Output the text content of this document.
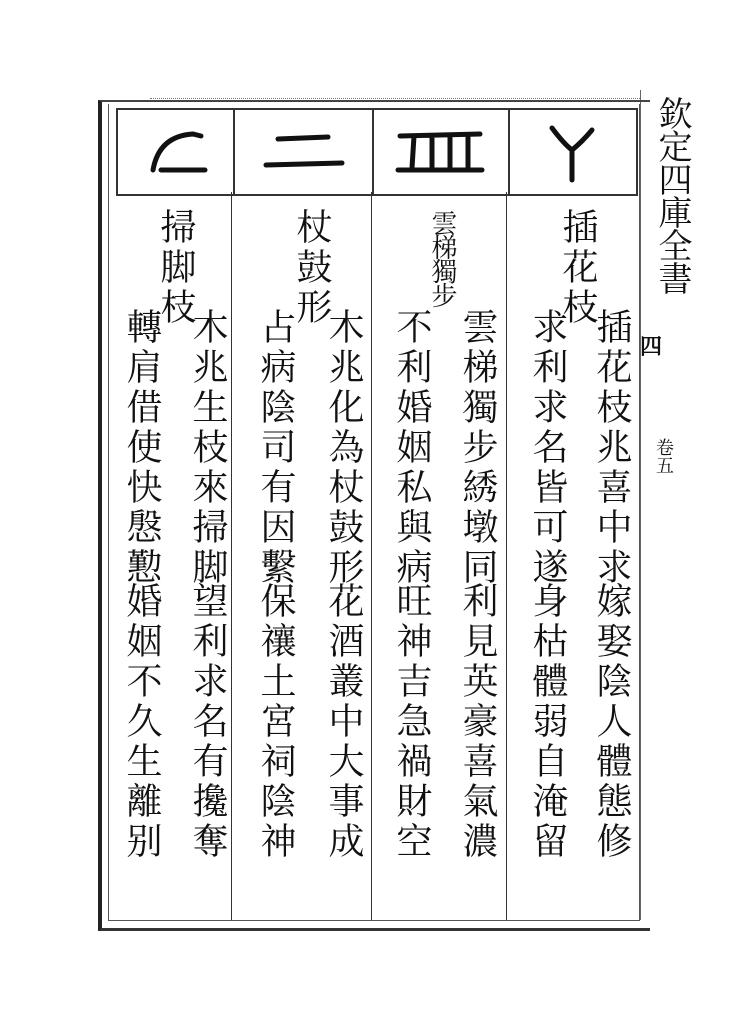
欽定四庫全書
四
卷五
插花枝
插花枝兆喜中求
求利求名皆可遂
嫁娶陰人體態修
身枯體弱自淹留
雲梯獨步
雲梯獨步綉墩同
不利婚姻私與病
利見英豪喜氣濃
旺神吉急禍財空
杖鼓形
木兆化為杖鼓形
占病陰司有因繫
花酒叢中大事成
保禳土宮祠陰神
掃脚枝
木兆生枝來掃脚
轉肩借使快慇懃
望利求名有攙奪
婚姻不久生離别
